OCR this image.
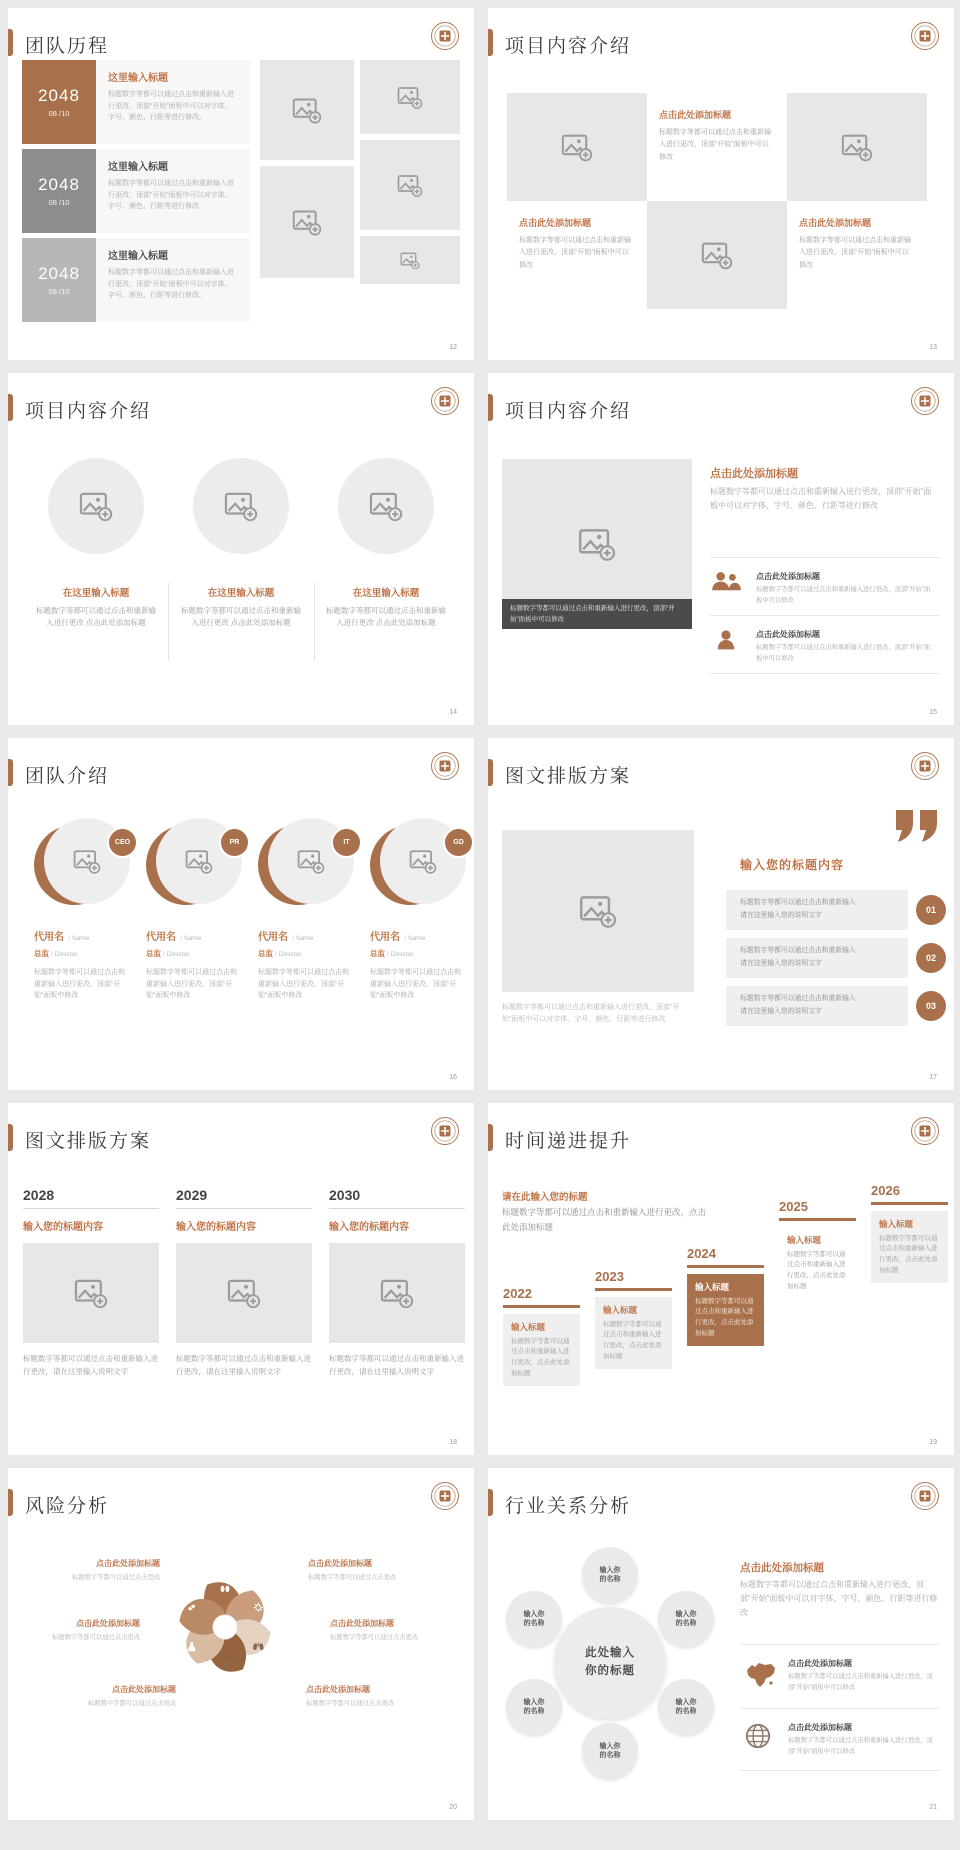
团队历程
2048
08 /10
这里输入标题
标题数字等都可以通过点击和重新输入进行更改，顶部“开始”面板中可以对字体、字号、颜色、行距等进行修改。
2048
08 /10
这里输入标题
标题数字等都可以通过点击和重新输入进行更改，顶部“开始”面板中可以对字体、字号、颜色、行距等进行修改。
2048
08 /10
这里输入标题
标题数字等都可以通过点击和重新输入进行更改，顶部“开始”面板中可以对字体、字号、颜色、行距等进行修改。
12
项目内容介绍
点击此处添加标题
标题数字等都可以通过点击和重新输入进行更改，顶部“开始”面板中可以修改
点击此处添加标题
标题数字等都可以通过点击和重新输入进行更改，顶部“开始”面板中可以修改
点击此处添加标题
标题数字等都可以通过点击和重新输入进行更改，顶部“开始”面板中可以修改
13
项目内容介绍
在这里输入标题
标题数字等都可以通过点击和重新输入进行更改 点击此处添加标题
在这里输入标题
标题数字等都可以通过点击和重新输入进行更改 点击此处添加标题
在这里输入标题
标题数字等都可以通过点击和重新输入进行更改 点击此处添加标题
14
项目内容介绍
标题数字等都可以通过点击和重新输入进行更改，顶部“开始”面板中可以修改
点击此处添加标题
标题数字等都可以通过点击和重新输入进行更改，顶部“开始”面板中可以对字体、字号、颜色、行距等进行修改
点击此处添加标题
标题数字等都可以通过点击和重新输入进行更改，顶部“开始”面板中可以修改
点击此处添加标题
标题数字等都可以通过点击和重新输入进行更改，顶部“开始”面板中可以修改
15
团队介绍
CEO
代用名 / Name
总监 / Director
标题数字等都可以通过点击和重新输入进行更改，顶部“开始”面板中修改
PR
代用名 / Name
总监 / Director
标题数字等都可以通过点击和重新输入进行更改，顶部“开始”面板中修改
IT
代用名 / Name
总监 / Director
标题数字等都可以通过点击和重新输入进行更改，顶部“开始”面板中修改
GD
代用名 / Name
总监 / Director
标题数字等都可以通过点击和重新输入进行更改，顶部“开始”面板中修改
16
图文排版方案
标题数字等都可以通过点击和重新输入进行更改，顶部“开始”面板中可以对字体、字号、颜色、行距等进行修改
输入您的标题内容
· 标题数字等都可以通过点击和重新输入
· 请在这里输入您的说明文字
01
· 标题数字等都可以通过点击和重新输入
· 请在这里输入您的说明文字
02
· 标题数字等都可以通过点击和重新输入
· 请在这里输入您的说明文字
03
17
图文排版方案
2028
输入您的标题内容
标题数字等都可以通过点击和重新输入进行更改，请在这里输入说明文字
2029
输入您的标题内容
标题数字等都可以通过点击和重新输入进行更改，请在这里输入说明文字
2030
输入您的标题内容
标题数字等都可以通过点击和重新输入进行更改，请在这里输入说明文字
18
时间递进提升
请在此输入您的标题
标题数字等都可以通过点击和重新输入进行更改，点击此处添加标题
2022
输入标题
标题数字等都可以通过点击和重新输入进行更改，点击此处添加标题
2023
输入标题
标题数字等都可以通过点击和重新输入进行更改，点击此处添加标题
2024
输入标题
标题数字等都可以通过点击和重新输入进行更改，点击此处添加标题
2025
输入标题
标题数字等都可以通过点击和重新输入进行更改，点击此处添加标题
2026
输入标题
标题数字等都可以通过点击和重新输入进行更改，点击此处添加标题
19
风险分析
点击此处添加标题
标题数字等都可以通过点击更改
点击此处添加标题
标题数字等都可以通过点击更改
点击此处添加标题
标题数字等都可以通过点击更改
点击此处添加标题
标题数字等都可以通过点击更改
点击此处添加标题
标题数字等都可以通过点击更改
点击此处添加标题
标题数字等都可以通过点击更改
20
行业关系分析
输入你
的名称
输入你
的名称
输入你
的名称
输入你
的名称
输入你
的名称
输入你
的名称
此处输入
你的标题
点击此处添加标题
标题数字等都可以通过点击和重新输入进行更改，顶部“开始”面板中可以对字体、字号、颜色、行距等进行修改
点击此处添加标题
标题数字等都可以通过点击和重新输入进行更改，顶部“开始”面板中可以修改
点击此处添加标题
标题数字等都可以通过点击和重新输入进行更改，顶部“开始”面板中可以修改
21
